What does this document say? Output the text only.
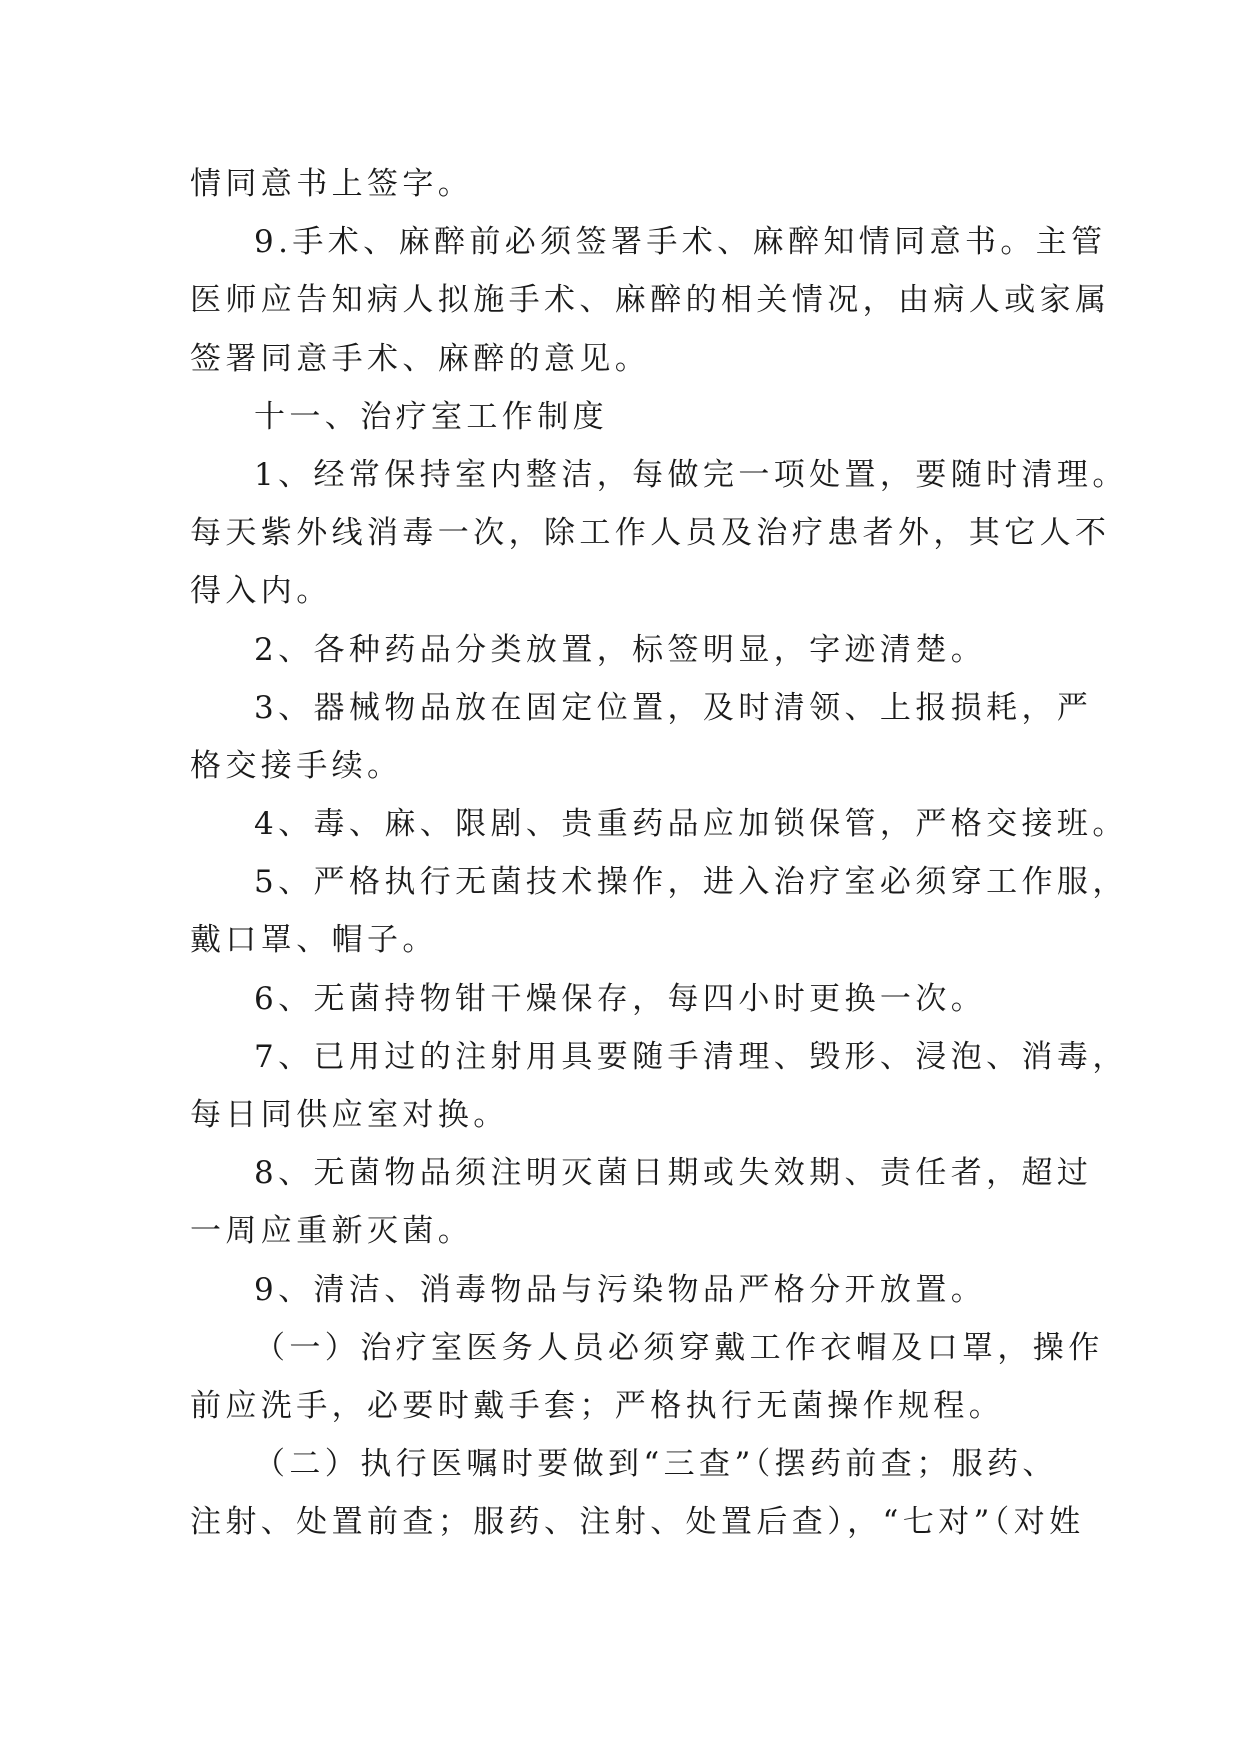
情同意书上签字。
9.手术、麻醉前必须签署手术、麻醉知情同意书。主管
医师应告知病人拟施手术、麻醉的相关情况，由病人或家属
签署同意手术、麻醉的意见。
十一、治疗室工作制度
1、经常保持室内整洁，每做完一项处置，要随时清理。
每天紫外线消毒一次，除工作人员及治疗患者外，其它人不
得入内。
2、各种药品分类放置，标签明显，字迹清楚。
3、器械物品放在固定位置，及时清领、上报损耗，严
格交接手续。
4、毒、麻、限剧、贵重药品应加锁保管，严格交接班。
5、严格执行无菌技术操作，进入治疗室必须穿工作服，
戴口罩、帽子。
6、无菌持物钳干燥保存，每四小时更换一次。
7、已用过的注射用具要随手清理、毁形、浸泡、消毒，
每日同供应室对换。
8、无菌物品须注明灭菌日期或失效期、责任者，超过
一周应重新灭菌。
9、清洁、消毒物品与污染物品严格分开放置。
（一）治疗室医务人员必须穿戴工作衣帽及口罩，操作
前应洗手，必要时戴手套；严格执行无菌操作规程。
（二）执行医嘱时要做到“三查”（摆药前查；服药、
注射、处置前查；服药、注射、处置后查），“七对”（对姓
